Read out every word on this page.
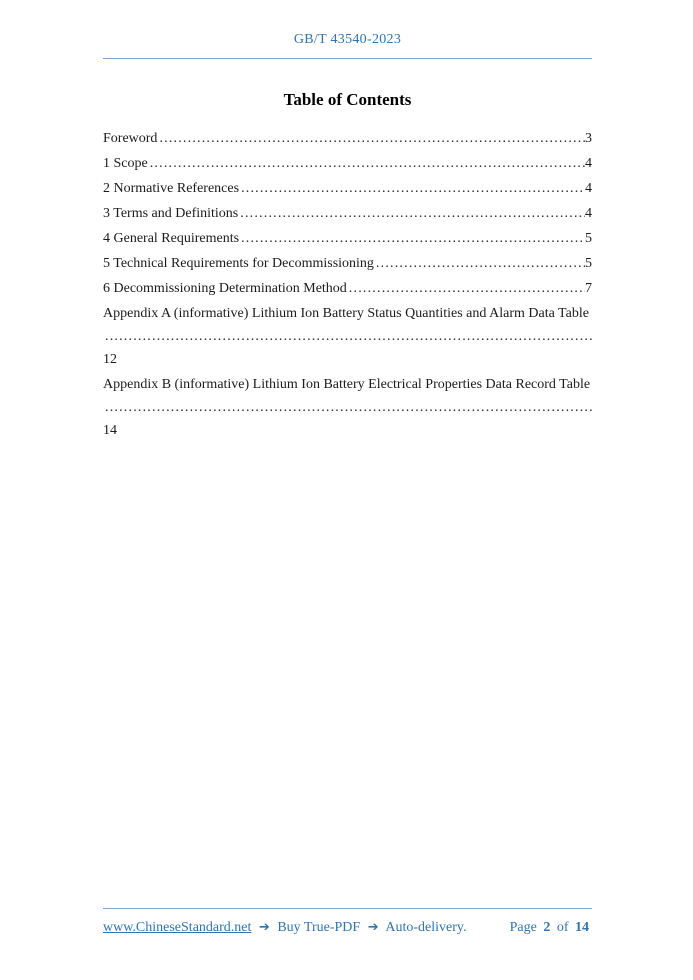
GB/T 43540-2023
Table of Contents
Foreword .....	3
1 Scope .....	4
2 Normative References .....	4
3 Terms and Definitions .....	4
4 General Requirements .....	5
5 Technical Requirements for Decommissioning .....	5
6 Decommissioning Determination Method .....	7
Appendix A (informative) Lithium Ion Battery Status Quantities and Alarm Data Table
.....
12
Appendix B (informative) Lithium Ion Battery Electrical Properties Data Record Table
.....
14
www.ChineseStandard.net ➔ Buy True-PDF ➔ Auto-delivery.	Page 2 of 14
